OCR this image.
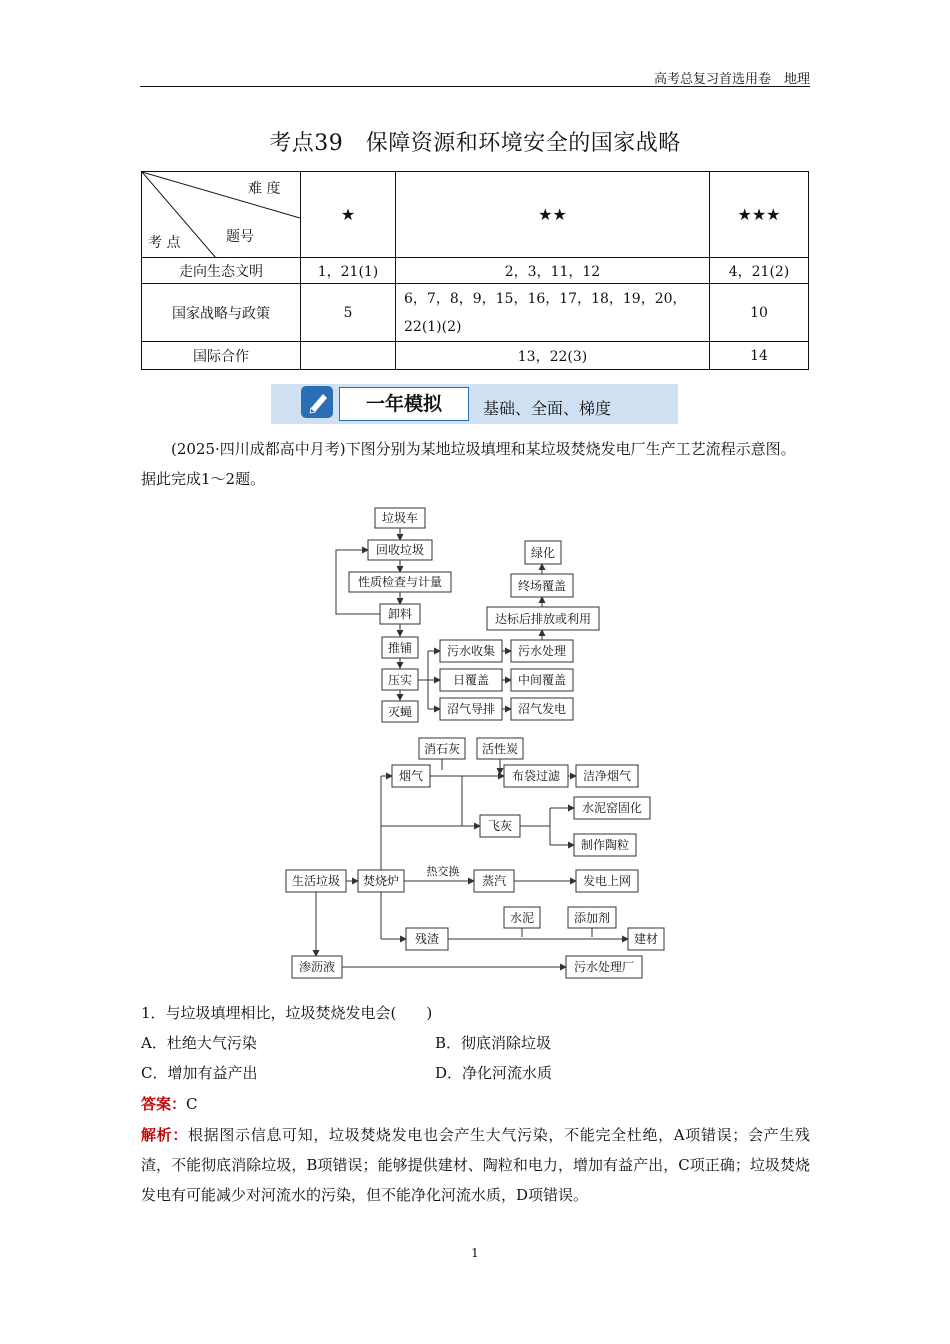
高考总复习首选用卷　地理
考点39　保障资源和环境安全的国家战略
难 度
题号
考 点	★	★★	★★★
走向生态文明	1，21(1)	2，3，11，12	4，21(2)
国家战略与政策	5	6，7，8，9，15，16，17，18，19，20，22(1)(2)	10
国际合作		13，22(3)	14
一年模拟	基础、全面、梯度
(2025·四川成都高中月考)下图分别为某地垃圾填埋和某垃圾焚烧发电厂生产工艺流程示意图。据此完成1～2题。
垃圾车
回收垃圾
性质检查与计量
卸料
推铺
压实
灭蝇
污水收集 污水处理
日覆盖 中间覆盖
沼气导排 沼气发电
达标后排放或利用
终场覆盖
绿化
消石灰 活性炭
烟气	布袋过滤 洁净烟气
飞灰
水泥窑固化
制作陶粒
生活垃圾 焚烧炉
热交换
蒸汽	发电上网
水泥	添加剂
残渣	建材
渗沥液	污水处理厂
1．与垃圾填埋相比，垃圾焚烧发电会(　　)
A．杜绝大气污染	B．彻底消除垃圾
C．增加有益产出	D．净化河流水质
答案：C
解析：根据图示信息可知，垃圾焚烧发电也会产生大气污染，不能完全杜绝，A项错误；会产生残渣，不能彻底消除垃圾，B项错误；能够提供建材、陶粒和电力，增加有益产出，C项正确；垃圾焚烧发电有可能减少对河流水的污染，但不能净化河流水质，D项错误。
1
